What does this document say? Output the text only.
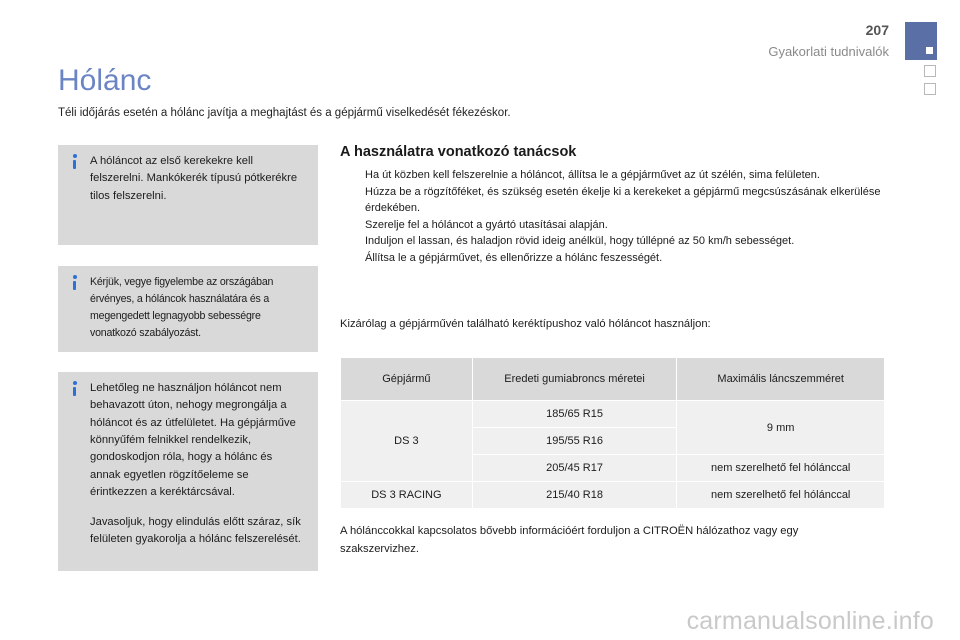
207
Gyakorlati tudnivalók
Hólánc
Téli időjárás esetén a hólánc javítja a meghajtást és a gépjármű viselkedését fékezéskor.

A hóláncot az első kerekekre kell felszerelni. Mankókerék típusú pótkerékre tilos felszerelni.

Kérjük, vegye figyelembe az országában érvényes, a hóláncok használatára és a megengedett legnagyobb sebességre vonatkozó szabályozást.

Lehetőleg ne használjon hóláncot nem behavazott úton, nehogy megrongálja a hóláncot és az útfelületet. Ha gépjárműve könnyűfém felnikkel rendelkezik, gondoskodjon róla, hogy a hólánc és annak egyetlen rögzítőeleme se érintkezzen a keréktárcsával.

Javasoljuk, hogy elindulás előtt száraz, sík felületen gyakorolja a hólánc felszerelését.

A használatra vonatkozó tanácsok
Ha út közben kell felszerelnie a hóláncot, állítsa le a gépjárművet az út szélén, sima felületen.
Húzza be a rögzítőféket, és szükség esetén ékelje ki a kerekeket a gépjármű megcsúszásának elkerülése érdekében.
Szerelje fel a hóláncot a gyártó utasításai alapján.
Induljon el lassan, és haladjon rövid ideig anélkül, hogy túllépné az 50 km/h sebességet.
Állítsa le a gépjárművet, és ellenőrizze a hólánc feszességét.
Kizárólag a gépjárművén található keréktípushoz való hóláncot használjon:
Gépjármű	Eredeti gumiabroncs méretei	Maximális láncszemméret
DS 3	185/65 R15	9 mm
	195/55 R16	
	205/45 R17	nem szerelhető fel hólánccal
DS 3 RACING	215/40 R18	nem szerelhető fel hólánccal
A hólánccokkal kapcsolatos bővebb információért forduljon a CITROËN hálózathoz vagy egy szakszervizhez.
carmanualsonline.info
